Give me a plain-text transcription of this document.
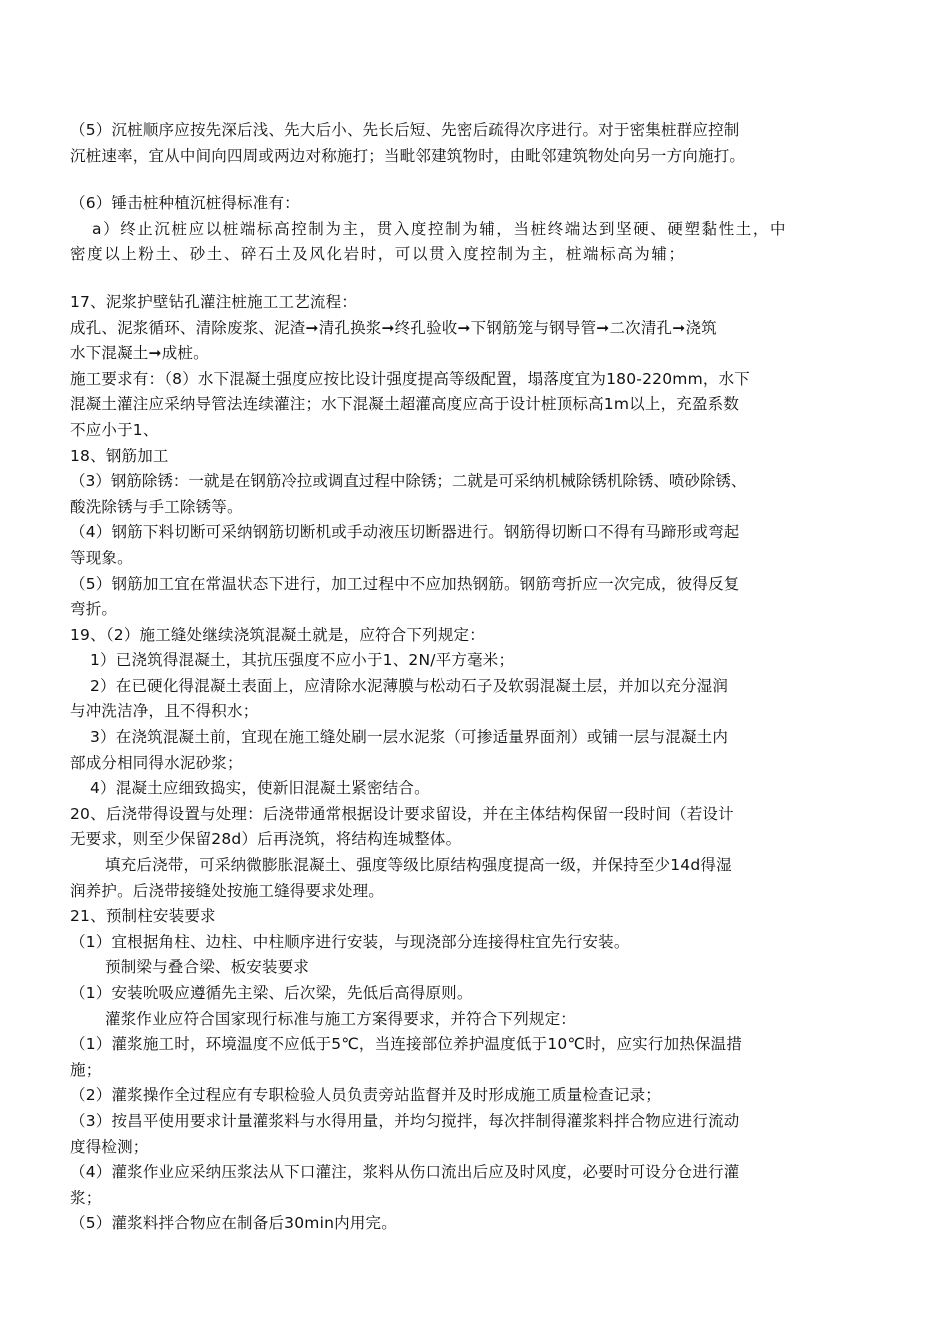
（5）沉桩顺序应按先深后浅、先大后小、先长后短、先密后疏得次序进行。对于密集桩群应控制
沉桩速率，宜从中间向四周或两边对称施打；当毗邻建筑物时，由毗邻建筑物处向另一方向施打。
（6）锤击桩种植沉桩得标准有：
a）终止沉桩应以桩端标高控制为主，贯入度控制为辅，当桩终端达到坚硬、硬塑黏性土，中
密度以上粉土、砂土、碎石土及风化岩时，可以贯入度控制为主，桩端标高为辅；
17、泥浆护壁钻孔灌注桩施工工艺流程：
成孔、泥浆循环、清除废浆、泥渣➞清孔换浆➞终孔验收➞下钢筋笼与钢导管➞二次清孔➞浇筑
水下混凝土➞成桩。
施工要求有：（8）水下混凝土强度应按比设计强度提高等级配置，塌落度宜为180-220mm，水下
混凝土灌注应采纳导管法连续灌注；水下混凝土超灌高度应高于设计桩顶标高1m以上，充盈系数
不应小于1、
18、钢筋加工
（3）钢筋除锈：一就是在钢筋冷拉或调直过程中除锈；二就是可采纳机械除锈机除锈、喷砂除锈、
酸洗除锈与手工除锈等。
（4）钢筋下料切断可采纳钢筋切断机或手动液压切断器进行。钢筋得切断口不得有马蹄形或弯起
等现象。
（5）钢筋加工宜在常温状态下进行，加工过程中不应加热钢筋。钢筋弯折应一次完成，彼得反复
弯折。
19、（2）施工缝处继续浇筑混凝土就是，应符合下列规定：
1）已浇筑得混凝土，其抗压强度不应小于1、2N/平方毫米；
2）在已硬化得混凝土表面上，应清除水泥薄膜与松动石子及软弱混凝土层，并加以充分湿润
与冲洗洁净，且不得积水；
3）在浇筑混凝土前，宜现在施工缝处刷一层水泥浆（可掺适量界面剂）或铺一层与混凝土内
部成分相同得水泥砂浆；
4）混凝土应细致捣实，使新旧混凝土紧密结合。
20、后浇带得设置与处理：后浇带通常根据设计要求留设，并在主体结构保留一段时间（若设计
无要求，则至少保留28d）后再浇筑，将结构连城整体。
填充后浇带，可采纳微膨胀混凝土、强度等级比原结构强度提高一级，并保持至少14d得湿
润养护。后浇带接缝处按施工缝得要求处理。
21、预制柱安装要求
（1）宜根据角柱、边柱、中柱顺序进行安装，与现浇部分连接得柱宜先行安装。
预制梁与叠合梁、板安装要求
（1）安装吮吸应遵循先主梁、后次梁，先低后高得原则。
灌浆作业应符合国家现行标准与施工方案得要求，并符合下列规定：
（1）灌浆施工时，环境温度不应低于5℃，当连接部位养护温度低于10℃时，应实行加热保温措
施；
（2）灌浆操作全过程应有专职检验人员负责旁站监督并及时形成施工质量检查记录；
（3）按昌平使用要求计量灌浆料与水得用量，并均匀搅拌，每次拌制得灌浆料拌合物应进行流动
度得检测；
（4）灌浆作业应采纳压浆法从下口灌注，浆料从伤口流出后应及时风度，必要时可设分仓进行灌
浆；
（5）灌浆料拌合物应在制备后30min内用完。
